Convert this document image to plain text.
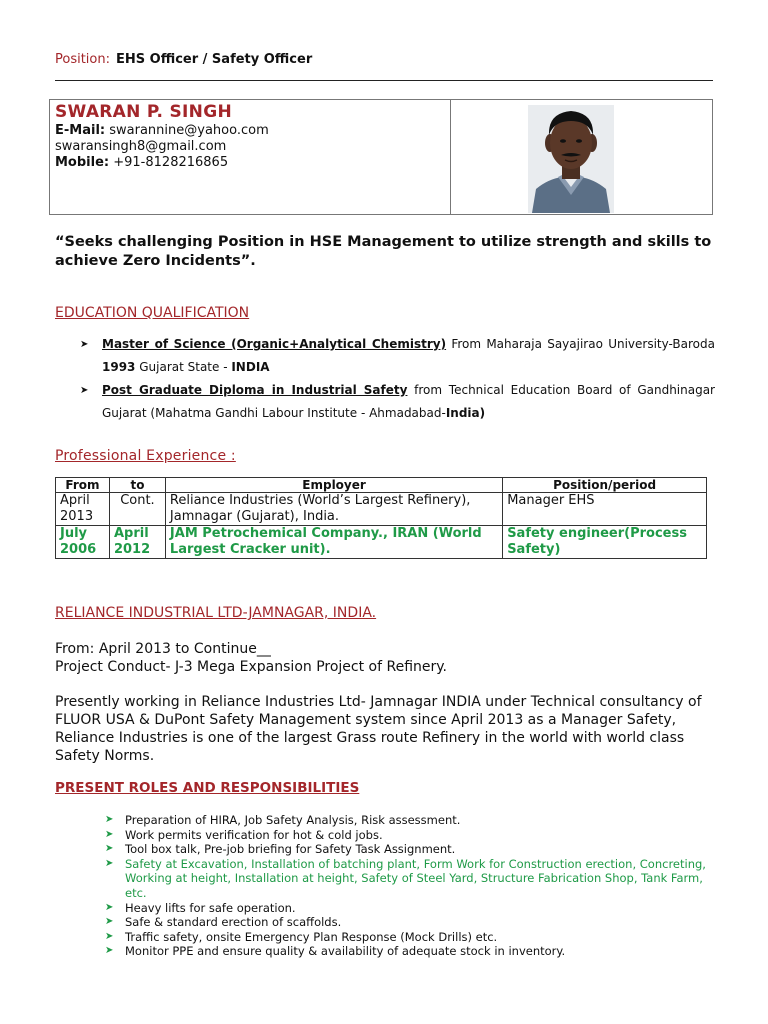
Position: EHS Officer / Safety Officer
SWARAN P. SINGH
E-Mail: swarannine@yahoo.com
swaransingh8@gmail.com
Mobile: +91-8128216865
“Seeks challenging Position in HSE Management to utilize strength and skills to achieve Zero Incidents”.
EDUCATION QUALIFICATION
➤ Master of Science (Organic+Analytical Chemistry) From Maharaja Sayajirao University-Baroda 1993 Gujarat State - INDIA
➤ Post Graduate Diploma in Industrial Safety from Technical Education Board of Gandhinagar Gujarat (Mahatma Gandhi Labour Institute - Ahmadabad-India)
Professional Experience :
From	to	Employer	Position/period
April 2013	Cont.	Reliance Industries (World’s Largest Refinery), Jamnagar (Gujarat), India.	Manager EHS
July 2006	April 2012	JAM Petrochemical Company., IRAN (World Largest Cracker unit).	Safety engineer(Process Safety)
RELIANCE INDUSTRIAL LTD-JAMNAGAR, INDIA.
From: April 2013 to Continue__
Project Conduct- J-3 Mega Expansion Project of Refinery.
Presently working in Reliance Industries Ltd- Jamnagar INDIA under Technical consultancy of FLUOR USA & DuPont Safety Management system since April 2013 as a Manager Safety, Reliance Industries is one of the largest Grass route Refinery in the world with world class Safety Norms.
PRESENT ROLES AND RESPONSIBILITIES
➤ Preparation of HIRA, Job Safety Analysis, Risk assessment.
➤ Work permits verification for hot & cold jobs.
➤ Tool box talk, Pre-job briefing for Safety Task Assignment.
➤ Safety at Excavation, Installation of batching plant, Form Work for Construction erection, Concreting, Working at height, Installation at height, Safety of Steel Yard, Structure Fabrication Shop, Tank Farm, etc.
➤ Heavy lifts for safe operation.
➤ Safe & standard erection of scaffolds.
➤ Traffic safety, onsite Emergency Plan Response (Mock Drills) etc.
➤ Monitor PPE and ensure quality & availability of adequate stock in inventory.
